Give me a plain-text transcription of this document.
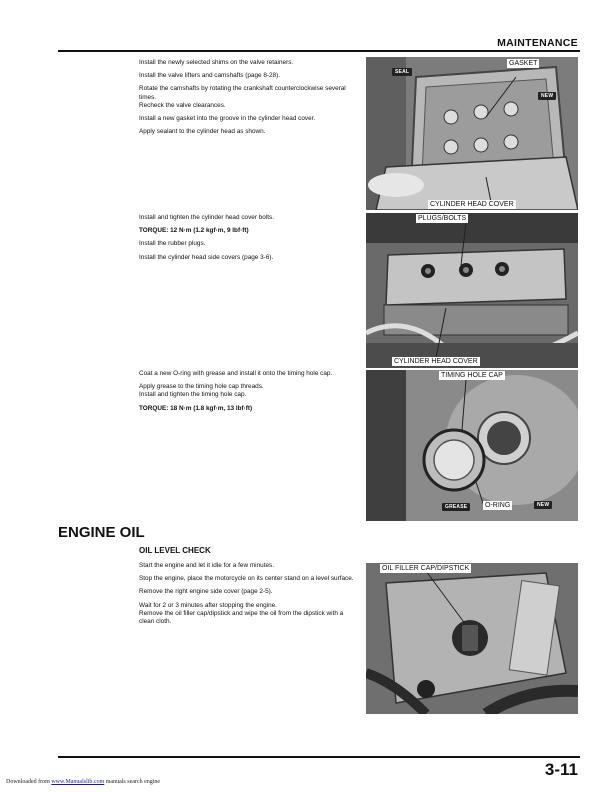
MAINTENANCE

Install the newly selected shims on the valve retainers.

Install the valve lifters and camshafts (page 8-28).

Rotate the camshafts by rotating the crankshaft counterclockwise several times.

Recheck the valve clearances.

Install a new gasket into the groove in the cylinder head cover.

Apply sealant to the cylinder head as shown.

GASKET
SEAL
NEW
CYLINDER HEAD COVER

Install and tighten the cylinder head cover bolts.

TORQUE: 12 N·m (1.2 kgf·m, 9 lbf·ft)

Install the rubber plugs.

Install the cylinder head side covers (page 3-6).

PLUGS/BOLTS
CYLINDER HEAD COVER

Coat a new O-ring with grease and install it onto the timing hole cap.

Apply grease to the timing hole cap threads.

Install and tighten the timing hole cap.

TORQUE: 18 N·m (1.8 kgf·m, 13 lbf·ft)

TIMING HOLE CAP
GREASE	O-RING	NEW
ENGINE OIL
OIL LEVEL CHECK

Start the engine and let it idle for a few minutes.

Stop the engine, place the motorcycle on its center stand on a level surface.

Remove the right engine side cover (page 2-5).

Wait for 2 or 3 minutes after stopping the engine.

Remove the oil filler cap/dipstick and wipe the oil from the dipstick with a clean cloth.

OIL FILLER CAP/DIPSTICK
3-11
Downloaded from www.Manualslib.com manuals search engine
